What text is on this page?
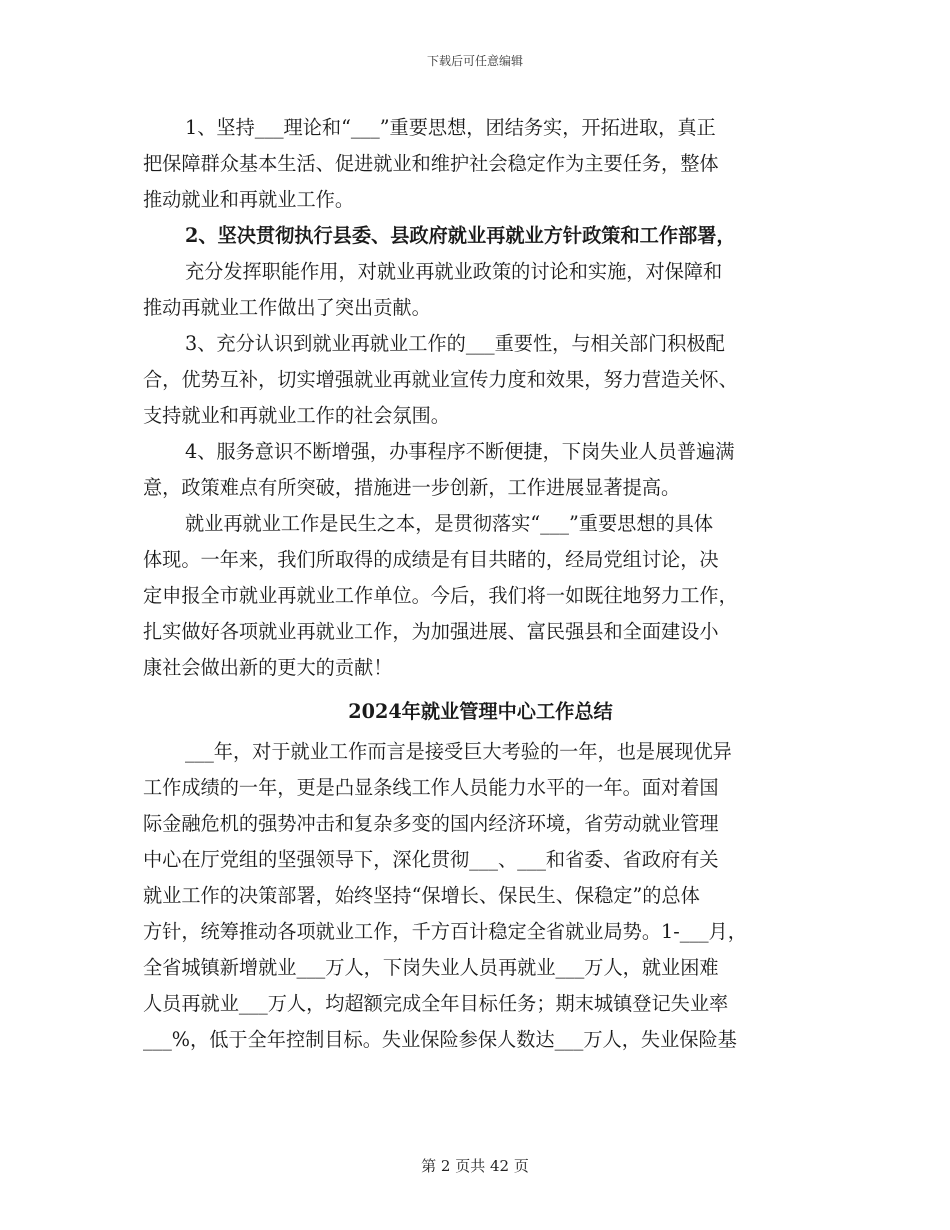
下载后可任意编辑
1、坚持___理论和“___”重要思想，团结务实，开拓进取，真正
把保障群众基本生活、促进就业和维护社会稳定作为主要任务，整体
推动就业和再就业工作。
2、坚决贯彻执行县委、县政府就业再就业方针政策和工作部署，
充分发挥职能作用，对就业再就业政策的讨论和实施，对保障和
推动再就业工作做出了突出贡献。
3、充分认识到就业再就业工作的___重要性，与相关部门积极配
合，优势互补，切实增强就业再就业宣传力度和效果，努力营造关怀、
支持就业和再就业工作的社会氛围。
4、服务意识不断增强，办事程序不断便捷，下岗失业人员普遍满
意，政策难点有所突破，措施进一步创新，工作进展显著提高。
就业再就业工作是民生之本，是贯彻落实“___”重要思想的具体
体现。一年来，我们所取得的成绩是有目共睹的，经局党组讨论，决
定申报全市就业再就业工作单位。今后，我们将一如既往地努力工作，
扎实做好各项就业再就业工作，为加强进展、富民强县和全面建设小
康社会做出新的更大的贡献！
2024年就业管理中心工作总结
___年，对于就业工作而言是接受巨大考验的一年，也是展现优异
工作成绩的一年，更是凸显条线工作人员能力水平的一年。面对着国
际金融危机的强势冲击和复杂多变的国内经济环境，省劳动就业管理
中心在厅党组的坚强领导下，深化贯彻___、___和省委、省政府有关
就业工作的决策部署，始终坚持“保增长、保民生、保稳定”的总体
方针，统筹推动各项就业工作，千方百计稳定全省就业局势。1-___月，
全省城镇新增就业___万人，下岗失业人员再就业___万人，就业困难
人员再就业___万人，均超额完成全年目标任务；期末城镇登记失业率
___%，低于全年控制目标。失业保险参保人数达___万人，失业保险基
第 2 页共 42 页
